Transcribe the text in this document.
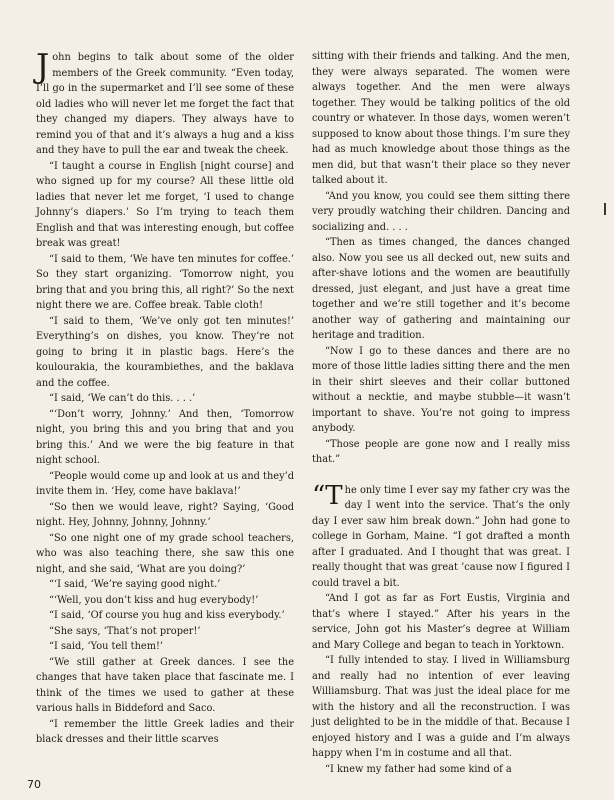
John begins to talk about some of the older members of the Greek community. “Even today, I’ll go in the supermarket and I’ll see some of these old ladies who will never let me forget the fact that they changed my diapers. They always have to remind you of that and it’s always a hug and a kiss and they have to pull the ear and tweak the cheek.

“I taught a course in English [night course] and who signed up for my course? All these little old ladies that never let me forget, ‘I used to change Johnny’s diapers.’ So I’m trying to teach them English and that was interesting enough, but coffee break was great!

“I said to them, ‘We have ten minutes for coffee.’ So they start organizing. ‘Tomorrow night, you bring that and you bring this, all right?’ So the next night there we are. Coffee break. Table cloth!

“I said to them, ‘We’ve only got ten minutes!’ Everything’s on dishes, you know. They’re not going to bring it in plastic bags. Here’s the koulourakia, the kourambiethes, and the baklava and the coffee.

“I said, ‘We can’t do this. . . .’

“‘Don’t worry, Johnny.’ And then, ‘Tomorrow night, you bring this and you bring that and you bring this.’ And we were the big feature in that night school.

“People would come up and look at us and they’d invite them in. ‘Hey, come have baklava!’

“So then we would leave, right? Saying, ‘Good night. Hey, Johnny, Johnny, Johnny.’

“So one night one of my grade school teachers, who was also teaching there, she saw this one night, and she said, ‘What are you doing?’

“‘I said, ‘We’re saying good night.’

“‘Well, you don’t kiss and hug everybody!’

“I said, ‘Of course you hug and kiss everybody.’

“She says, ‘That’s not proper!’

“I said, ‘You tell them!’

“We still gather at Greek dances. I see the changes that have taken place that fascinate me. I think of the times we used to gather at these various halls in Biddeford and Saco.

“I remember the little Greek ladies and their black dresses and their little scarves

sitting with their friends and talking. And the men, they were always separated. The women were always together. And the men were always together. They would be talking politics of the old country or whatever. In those days, women weren’t supposed to know about those things. I’m sure they had as much knowledge about those things as the men did, but that wasn’t their place so they never talked about it.

“And you know, you could see them sitting there very proudly watching their children. Dancing and socializing and. . . .

“Then as times changed, the dances changed also. Now you see us all decked out, new suits and after-shave lotions and the women are beautifully dressed, just elegant, and just have a great time together and we’re still together and it’s become another way of gathering and maintaining our heritage and tradition.

“Now I go to these dances and there are no more of those little ladies sitting there and the men in their shirt sleeves and their collar buttoned without a necktie, and maybe stubble—it wasn’t important to shave. You’re not going to impress anybody.

“Those people are gone now and I really miss that.”

“The only time I ever say my father cry was the day I went into the service. That’s the only day I ever saw him break down.” John had gone to college in Gorham, Maine. “I got drafted a month after I graduated. And I thought that was great. I really thought that was great ’cause now I figured I could travel a bit.

“And I got as far as Fort Eustis, Virginia and that’s where I stayed.” After his years in the service, John got his Master’s degree at William and Mary College and began to teach in Yorktown.

“I fully intended to stay. I lived in Williamsburg and really had no intention of ever leaving Williamsburg. That was just the ideal place for me with the history and all the reconstruction. I was just delighted to be in the middle of that. Because I enjoyed history and I was a guide and I’m always happy when I’m in costume and all that.

“I knew my father had some kind of a

70
